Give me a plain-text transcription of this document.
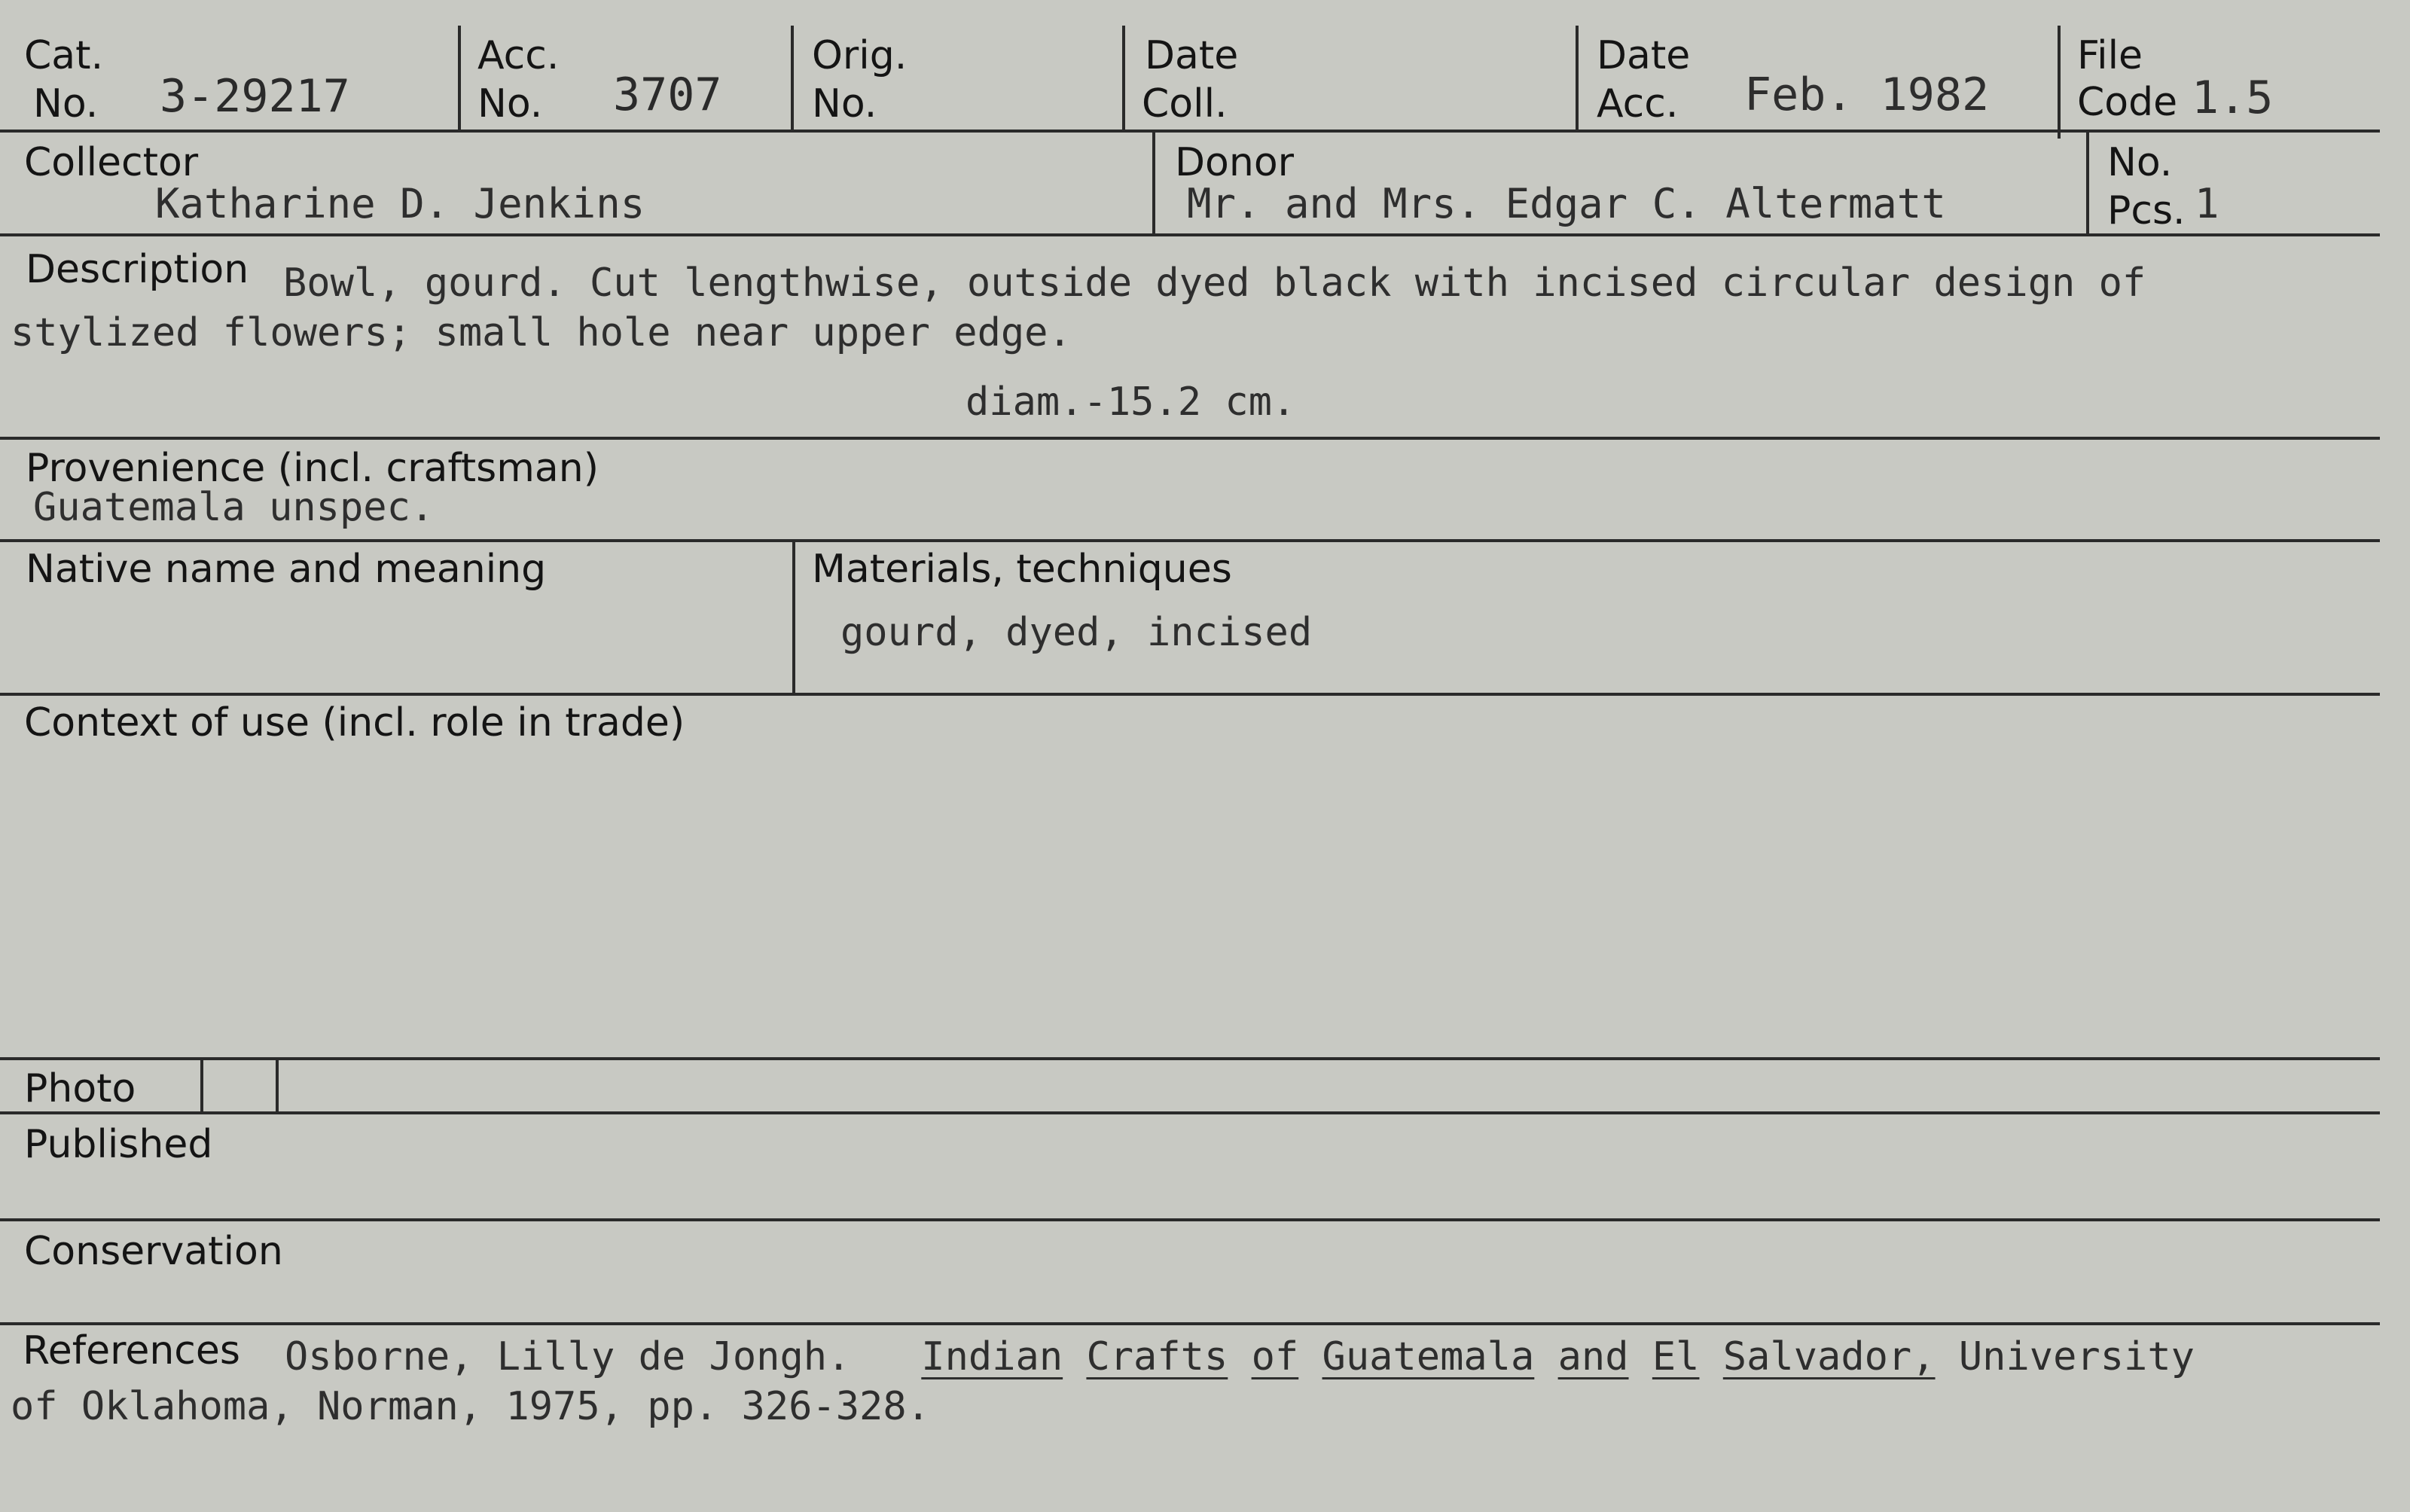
Cat.
No. 3-29217
Acc.
No. 3707
Orig.
No.
Date
Coll.
Date
Acc. Feb. 1982
File
Code 1.5
Collector
Katharine D. Jenkins
Donor
Mr. and Mrs. Edgar C. Altermatt
No.
Pcs. 1
Description Bowl, gourd. Cut lengthwise, outside dyed black with incised circular design of
stylized flowers; small hole near upper edge.
diam.-15.2 cm.
Provenience (incl. craftsman)
Guatemala unspec.
Native name and meaning	Materials, techniques
gourd, dyed, incised
Context of use (incl. role in trade)
Photo
Published
Conservation
References Osborne, Lilly de Jongh. Indian Crafts of Guatemala and El Salvador, University
of Oklahoma, Norman, 1975, pp. 326-328.
